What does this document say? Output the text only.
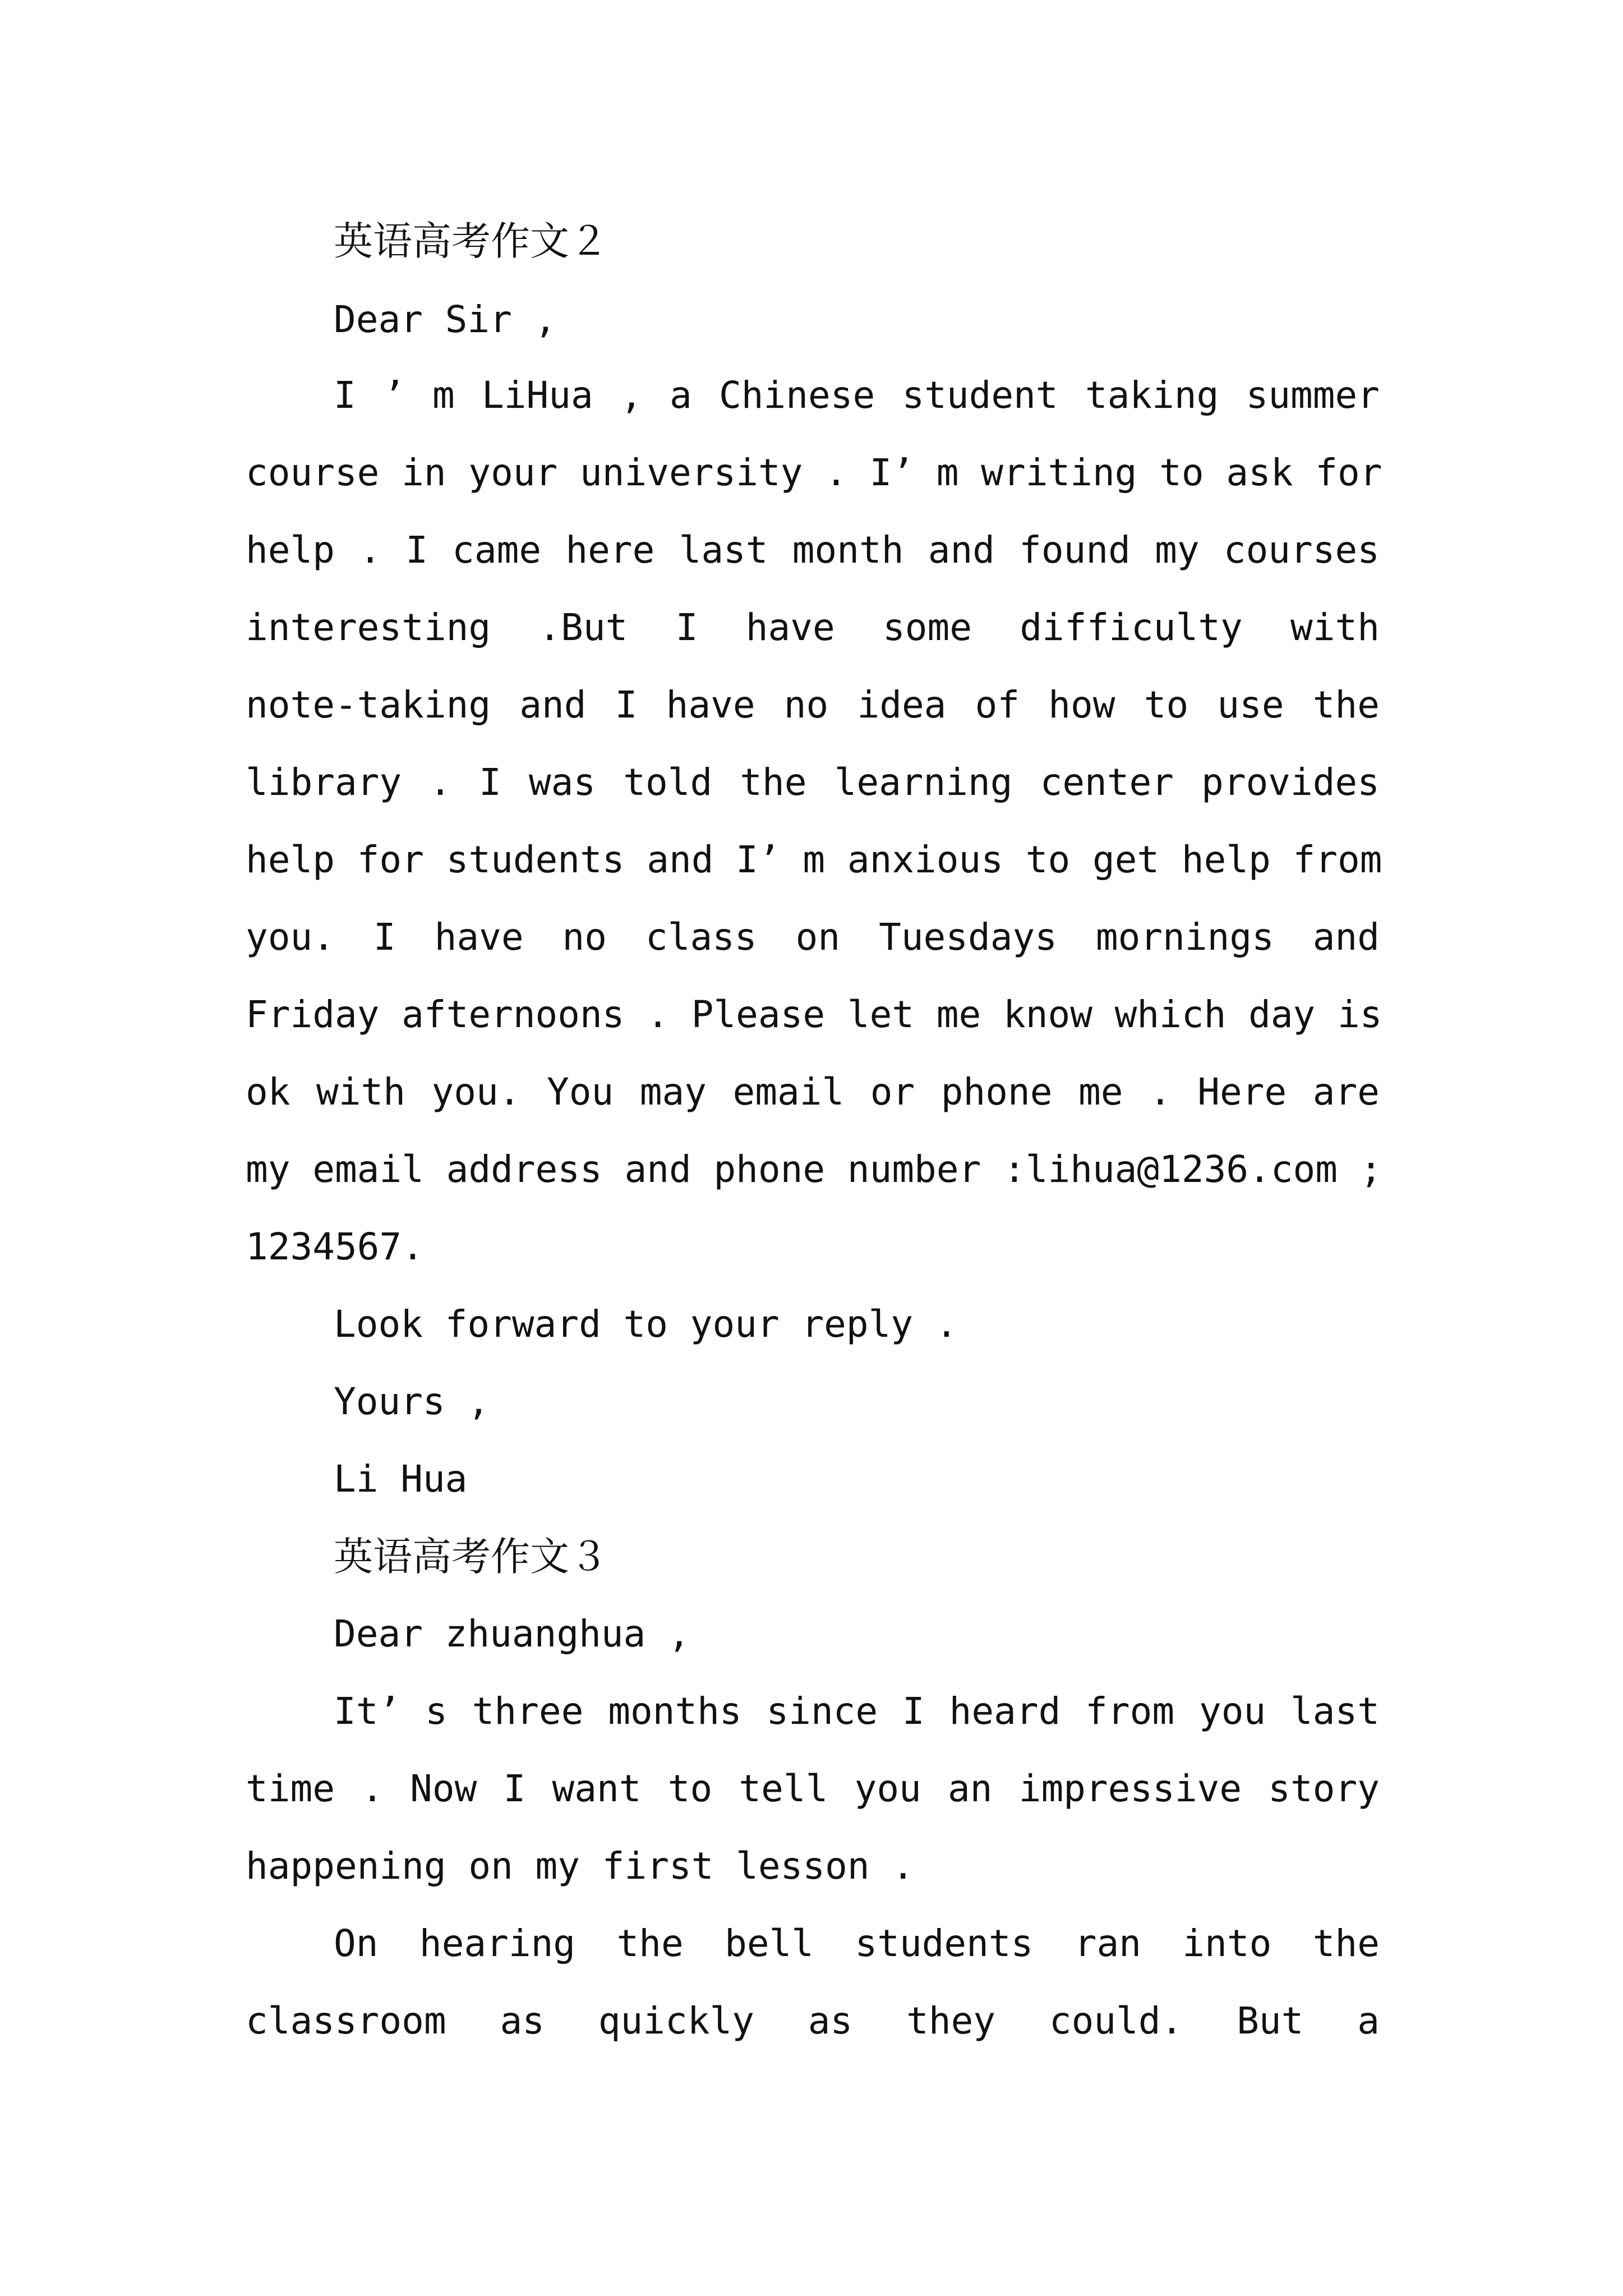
英语高考作文２
Dear Sir ,
I ’ m LiHua , a Chinese student taking summer
course in your university . I’ m writing to ask for
help . I came here last month and found my courses
interesting .But I have some difficulty with
note-taking and I have no idea of how to use the
library . I was told the learning center provides
help for students and I’ m anxious to get help from
you. I have no class on Tuesdays mornings and
Friday afternoons . Please let me know which day is
ok with you. You may email or phone me . Here are
my email address and phone number :lihua@1236.com ;
1234567.
Look forward to your reply .
Yours ,
Li Hua
英语高考作文３
Dear zhuanghua ,
It’ s three months since I heard from you last
time . Now I want to tell you an impressive story
happening on my first lesson .
On hearing the bell students ran into the
classroom as quickly as they could. But a
